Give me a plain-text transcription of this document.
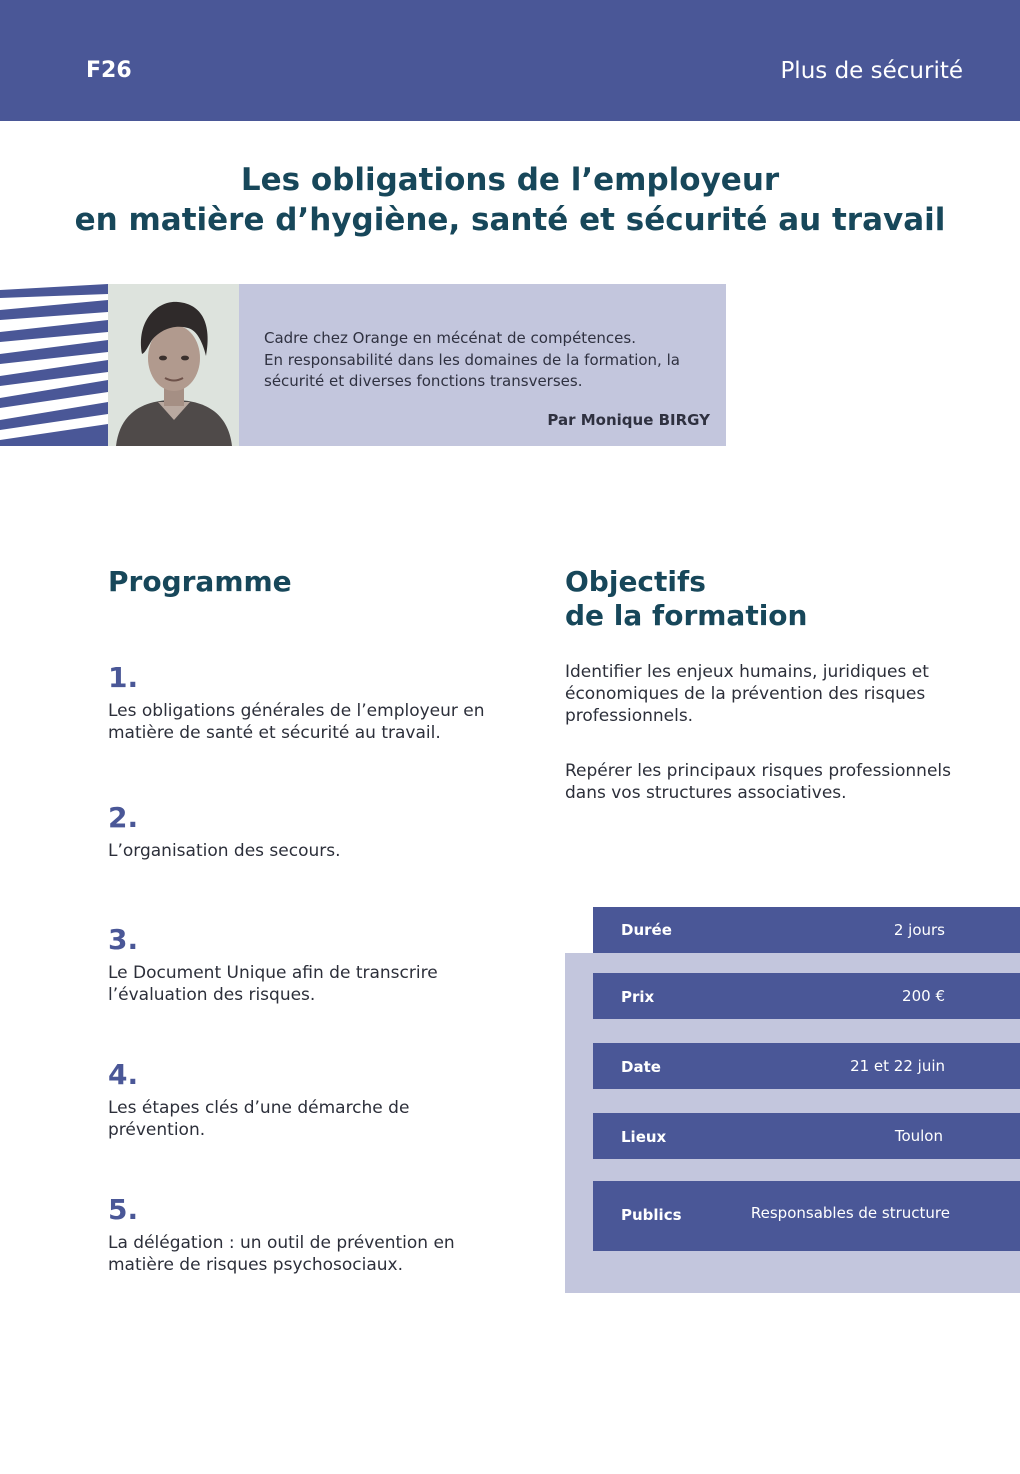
F26	Plus de sécurité
Les obligations de l’employeur
en matière d’hygiène, santé et sécurité au travail
Cadre chez Orange en mécénat de compétences.
En responsabilité dans les domaines de la formation, la
sécurité et diverses fonctions transverses.
Par Monique BIRGY
Programme	Objectifs
de la formation
1.
Les obligations générales de l’employeur en matière de santé et sécurité au travail.
2.
L’organisation des secours.
3.
Le Document Unique afin de transcrire l’évaluation des risques.
4.
Les étapes clés d’une démarche de prévention.
5.
La délégation : un outil de prévention en matière de risques psychosociaux.
Identifier les enjeux humains, juridiques et économiques de la prévention des risques professionnels.
Repérer les principaux risques professionnels dans vos structures associatives.
Durée	2 jours
Prix	200 €
Date	21 et 22 juin
Lieux	Toulon
Publics	Responsables de structure
